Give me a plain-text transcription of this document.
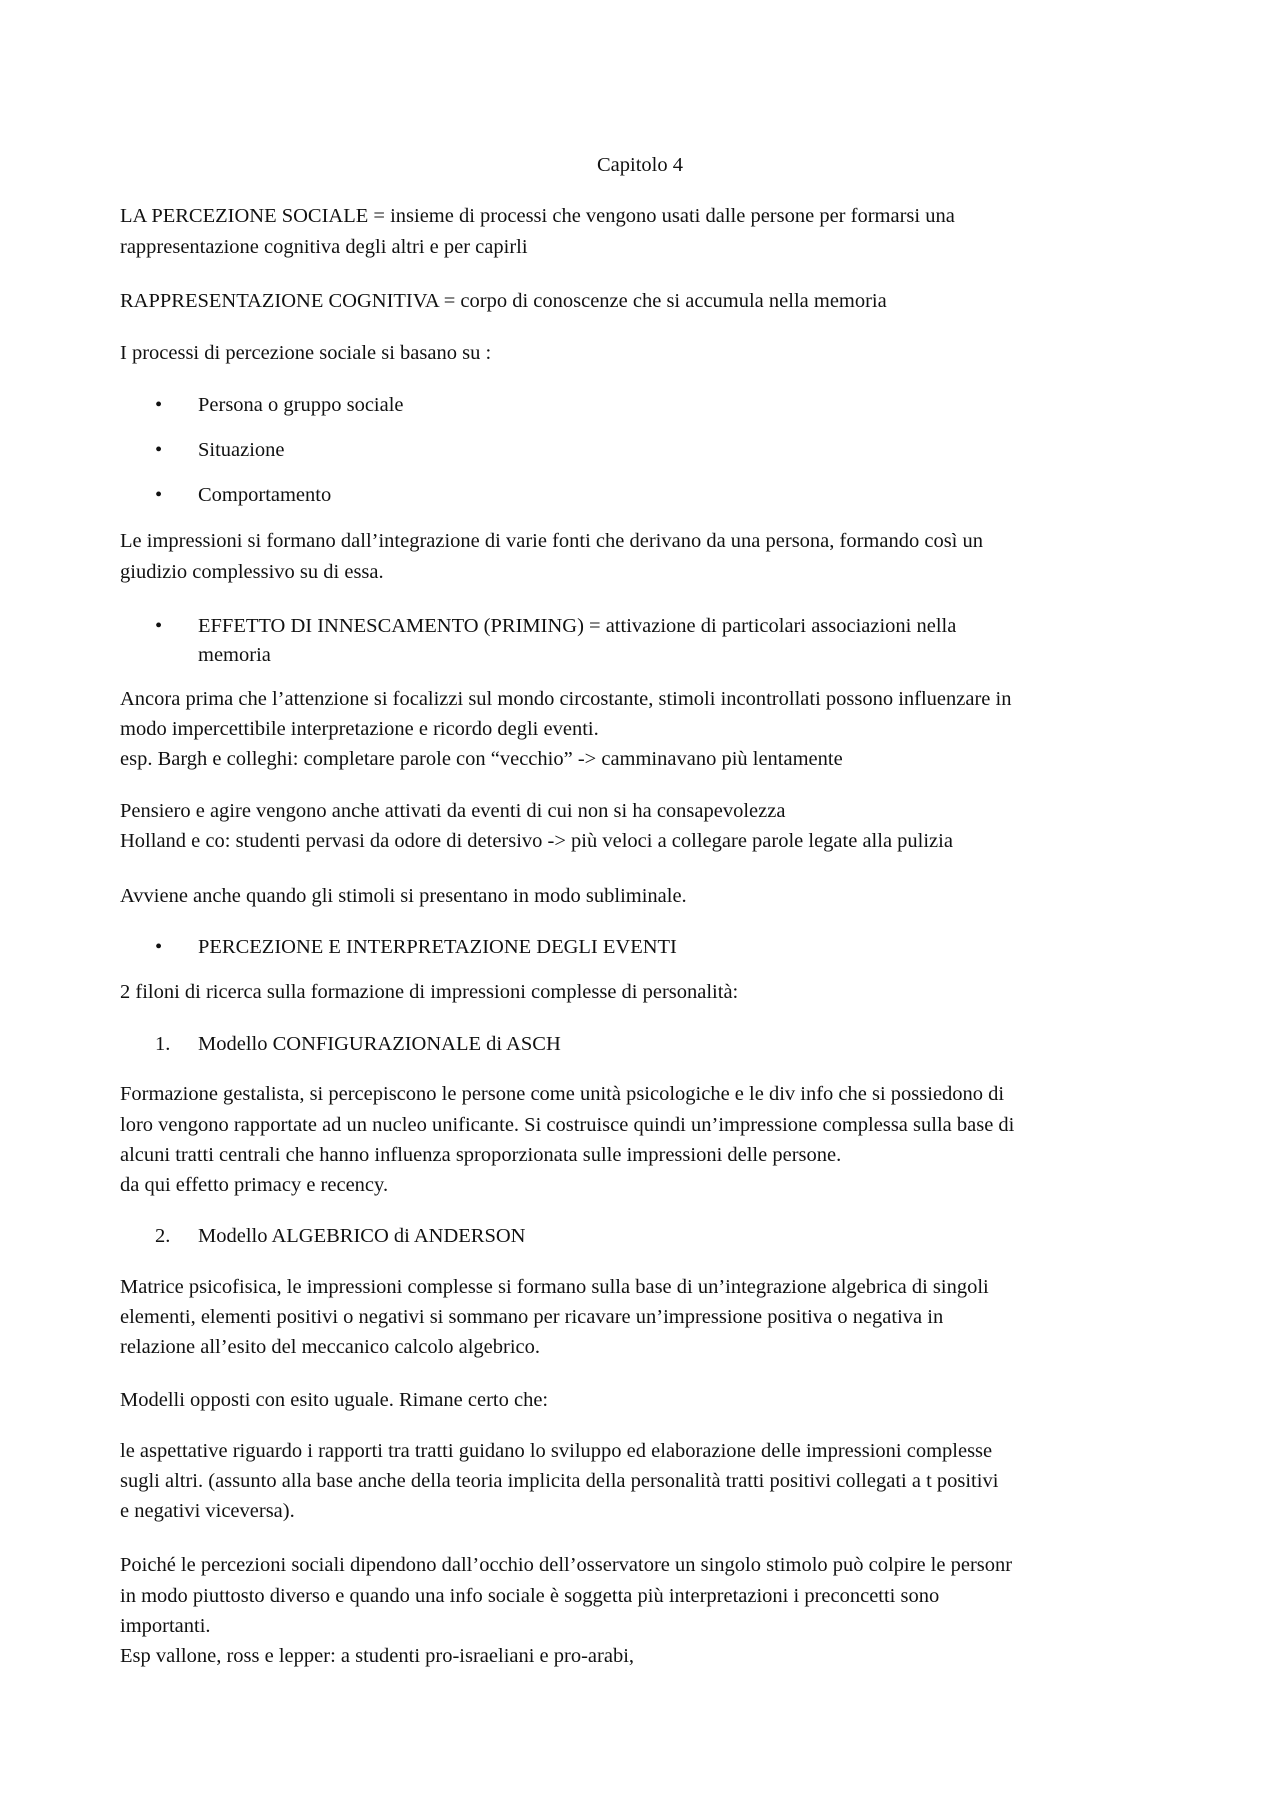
Capitolo 4
LA PERCEZIONE SOCIALE = insieme di processi che vengono usati dalle persone per formarsi una
rappresentazione cognitiva degli altri e per capirli
RAPPRESENTAZIONE COGNITIVA = corpo di conoscenze che si accumula nella memoria
I processi di percezione sociale si basano su :
• Persona o gruppo sociale
• Situazione
• Comportamento
Le impressioni si formano dall’integrazione di varie fonti che derivano da una persona, formando così un
giudizio complessivo su di essa.
• EFFETTO DI INNESCAMENTO (PRIMING) = attivazione di particolari associazioni nella
memoria
Ancora prima che l’attenzione si focalizzi sul mondo circostante, stimoli incontrollati possono influenzare in
modo impercettibile interpretazione e ricordo degli eventi.
esp. Bargh e colleghi: completare parole con “vecchio” -> camminavano più lentamente
Pensiero e agire vengono anche attivati da eventi di cui non si ha consapevolezza
Holland e co: studenti pervasi da odore di detersivo -> più veloci a collegare parole legate alla pulizia
Avviene anche quando gli stimoli si presentano in modo subliminale.
• PERCEZIONE E INTERPRETAZIONE DEGLI EVENTI
2 filoni di ricerca sulla formazione di impressioni complesse di personalità:
1. Modello CONFIGURAZIONALE di ASCH
Formazione gestalista, si percepiscono le persone come unità psicologiche e le div info che si possiedono di
loro vengono rapportate ad un nucleo unificante. Si costruisce quindi un’impressione complessa sulla base di
alcuni tratti centrali che hanno influenza sproporzionata sulle impressioni delle persone.
da qui effetto primacy e recency.
2. Modello ALGEBRICO di ANDERSON
Matrice psicofisica, le impressioni complesse si formano sulla base di un’integrazione algebrica di singoli
elementi, elementi positivi o negativi si sommano per ricavare un’impressione positiva o negativa in
relazione all’esito del meccanico calcolo algebrico.
Modelli opposti con esito uguale. Rimane certo che:
le aspettative riguardo i rapporti tra tratti guidano lo sviluppo ed elaborazione delle impressioni complesse
sugli altri. (assunto alla base anche della teoria implicita della personalità tratti positivi collegati a t positivi
e negativi viceversa).
Poiché le percezioni sociali dipendono dall’occhio dell’osservatore un singolo stimolo può colpire le personr
in modo piuttosto diverso e quando una info sociale è soggetta più interpretazioni i preconcetti sono
importanti.
Esp vallone, ross e lepper: a studenti pro-israeliani e pro-arabi,
